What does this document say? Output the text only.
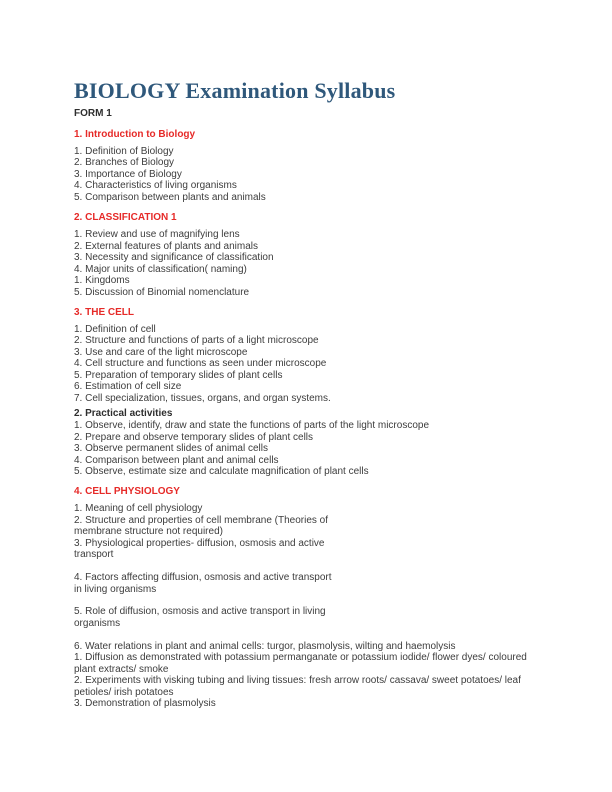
BIOLOGY Examination Syllabus
FORM 1
1. Introduction to Biology
1. Definition of Biology
2. Branches of Biology
3. Importance of Biology
4. Characteristics of living organisms
5. Comparison between plants and animals
2. CLASSIFICATION 1
1. Review and use of magnifying lens
2. External features of plants and animals
3. Necessity and significance of classification
4. Major units of classification( naming)
1. Kingdoms
5. Discussion of Binomial nomenclature
3. THE CELL
1. Definition of cell
2. Structure and functions of parts of a light microscope
3. Use and care of the light microscope
4. Cell structure and functions as seen under microscope
5. Preparation of temporary slides of plant cells
6. Estimation of cell size
7. Cell specialization, tissues, organs, and organ systems.
2. Practical activities
1. Observe, identify, draw and state the functions of parts of the light microscope
2. Prepare and observe temporary slides of plant cells
3. Observe permanent slides of animal cells
4. Comparison between plant and animal cells
5. Observe, estimate size and calculate magnification of plant cells
4. CELL PHYSIOLOGY
1. Meaning of cell physiology
2. Structure and properties of cell membrane (Theories of
membrane structure not required)
3. Physiological properties- diffusion, osmosis and active
transport
4. Factors affecting diffusion, osmosis and active transport
in living organisms
5. Role of diffusion, osmosis and active transport in living
organisms
6. Water relations in plant and animal cells: turgor, plasmolysis, wilting and haemolysis
1. Diffusion as demonstrated with potassium permanganate or potassium iodide/ flower dyes/ coloured
plant extracts/ smoke
2. Experiments with visking tubing and living tissues: fresh arrow roots/ cassava/ sweet potatoes/ leaf
petioles/ irish potatoes
3. Demonstration of plasmolysis
